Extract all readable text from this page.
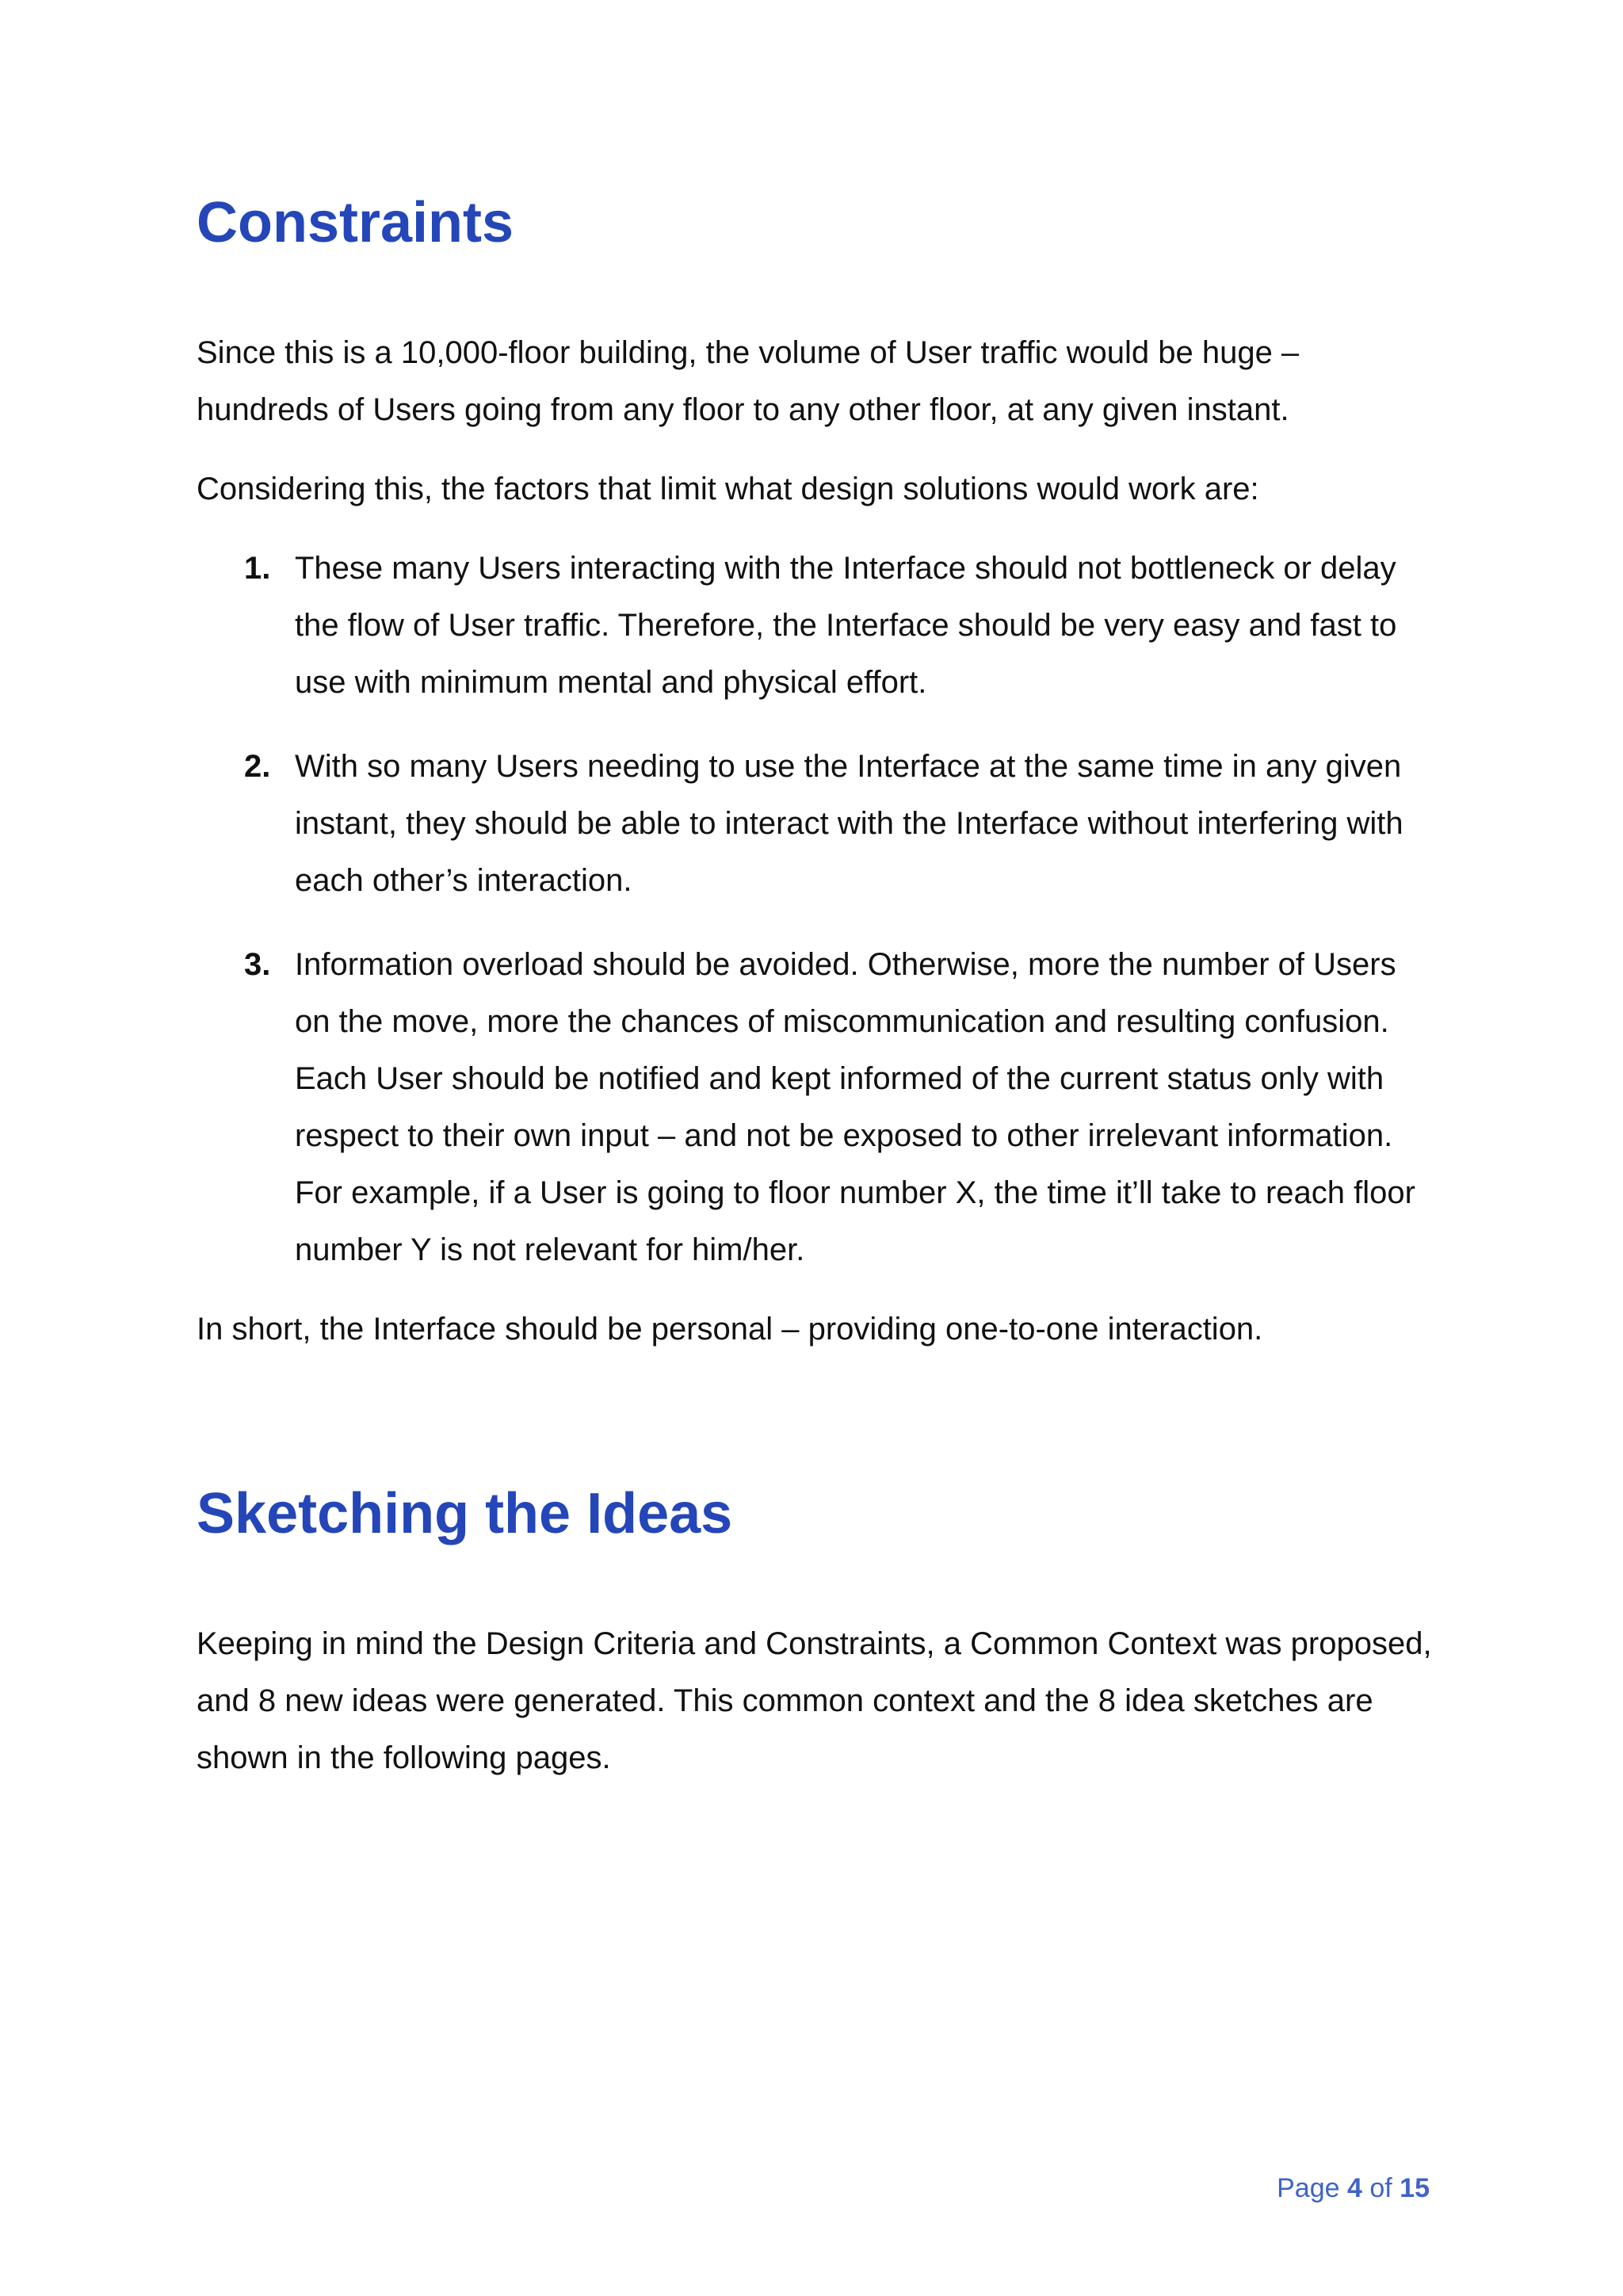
Constraints

Since this is a 10,000-floor building, the volume of User traffic would be huge – hundreds of Users going from any floor to any other floor, at any given instant.

Considering this, the factors that limit what design solutions would work are:

1. These many Users interacting with the Interface should not bottleneck or delay the flow of User traffic. Therefore, the Interface should be very easy and fast to use with minimum mental and physical effort.
2. With so many Users needing to use the Interface at the same time in any given instant, they should be able to interact with the Interface without interfering with each other’s interaction.
3. Information overload should be avoided. Otherwise, more the number of Users on the move, more the chances of miscommunication and resulting confusion. Each User should be notified and kept informed of the current status only with respect to their own input – and not be exposed to other irrelevant information. For example, if a User is going to floor number X, the time it’ll take to reach floor number Y is not relevant for him/her.

In short, the Interface should be personal – providing one-to-one interaction.

Sketching the Ideas

Keeping in mind the Design Criteria and Constraints, a Common Context was proposed, and 8 new ideas were generated. This common context and the 8 idea sketches are shown in the following pages.

Page 4 of 15
